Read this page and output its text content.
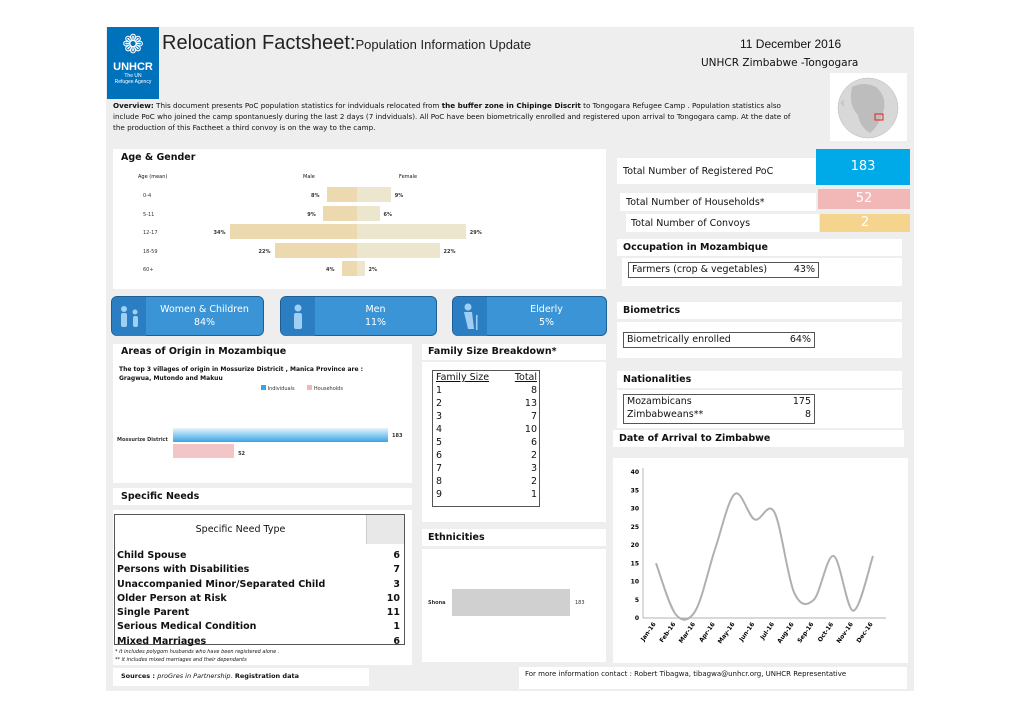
❁
UNHCR
The UN
Refugee Agency
Relocation Factsheet:Population Information Update	11 December 2016
UNHCR Zimbabwe -Tongogara
Overview: This document presents PoC population statistics for indviduals relocated from the buffer zone in Chipinge Discrit to Tongogara Refugee Camp . Population statistics also include PoC who joined the camp spontanuesly during the last 2 days (7 indviduals). All PoC have been biometrically enrolled and registered upon arrival to Tongogara camp. At the date of the production of this Factheet a third convoy is on the way to the camp.
Age & Gender
Age (mean)	Male	Female
0-4	8%	9%
5-11	9%	6%
12-17	34%	29%
18-59	22%	22%
60+	4%	2%
Women & Children
84%
Men
11%
Elderly
5%
Total Number of Registered PoC	183
Total Number of Households*	52
Total Number of Convoys	2
Occupation in Mozambique
Farmers (crop & vegetables)	43%
Biometrics
Biometrically enrolled	64%
Nationalities
Mozambicans	175
Zimbabweans**	8
Date of Arrival to Zimbabwe
0
5
10
15
20
25
30
35
40
Jan-16 Feb-16 Mar-16 Apr-16 May-16 Jun-16 Jul-16 Aug-16 Sep-16 Oct-16 Nov-16 Dec-16
Areas of Origin in Mozambique
The top 3 villages of origin in Mossurize Districit , Manica Province are : Gragwua, Mutondo and Makuu
Individuals	Households
Mossurize District
183
52
Specific Needs
Specific Need Type
Child Spouse	6
Persons with Disabilities	7
Unaccompanied Minor/Separated Child	3
Older Person at Risk	10
Single Parent	11
Serious Medical Condition	1
Mixed Marriages	6
* it includes polygom husbands who have been registered alone .
** it includes mixed marriages and their dependants
Family Size Breakdown*
Family Size	Total
1	8
2	13
3	7
4	10
5	6
6	2
7	3
8	2
9	1
Ethnicities
Shona	183
Sources : proGres in Partnership. Registration data	For more information contact : Robert Tibagwa, tibagwa@unhcr.org, UNHCR Representative
